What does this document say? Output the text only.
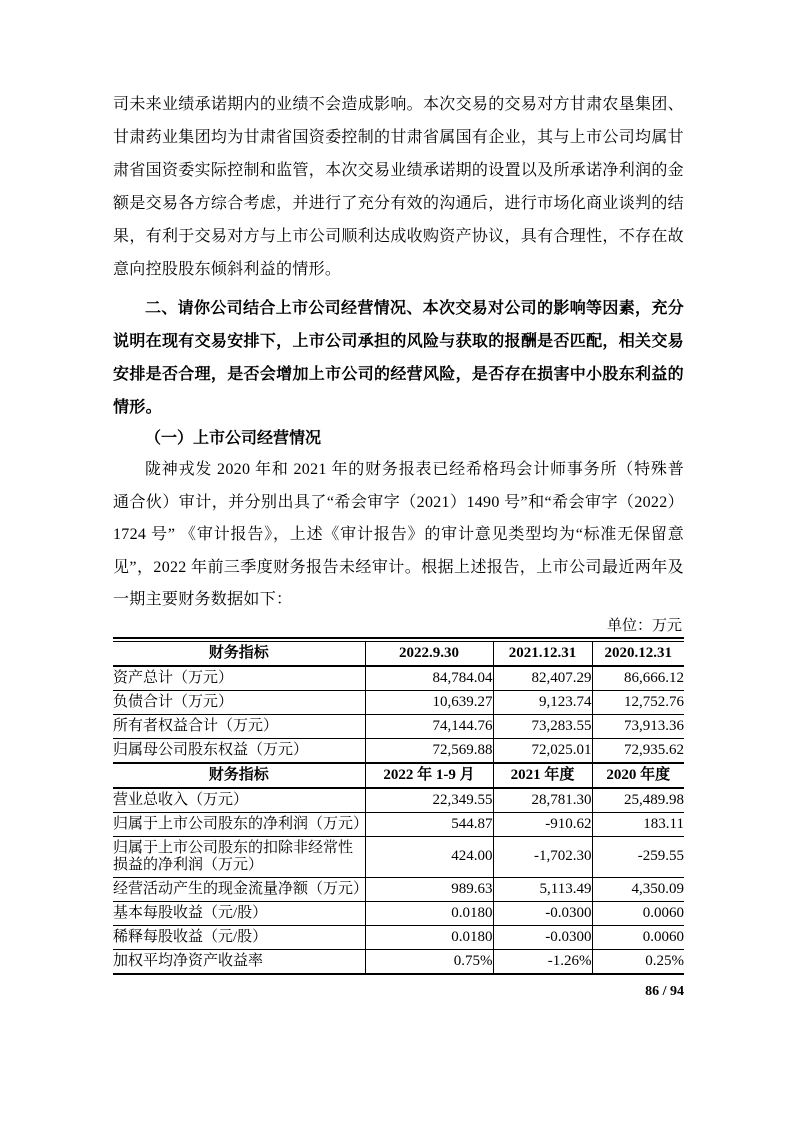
司未来业绩承诺期内的业绩不会造成影响。本次交易的交易对方甘肃农垦集团、甘肃药业集团均为甘肃省国资委控制的甘肃省属国有企业，其与上市公司均属甘肃省国资委实际控制和监管，本次交易业绩承诺期的设置以及所承诺净利润的金额是交易各方综合考虑，并进行了充分有效的沟通后，进行市场化商业谈判的结果，有利于交易对方与上市公司顺利达成收购资产协议，具有合理性，不存在故意向控股股东倾斜利益的情形。

二、请你公司结合上市公司经营情况、本次交易对公司的影响等因素，充分说明在现有交易安排下，上市公司承担的风险与获取的报酬是否匹配，相关交易安排是否合理，是否会增加上市公司的经营风险，是否存在损害中小股东利益的情形。

（一）上市公司经营情况

陇神戎发 2020 年和 2021 年的财务报表已经希格玛会计师事务所（特殊普通合伙）审计，并分别出具了“希会审字（2021）1490 号”和“希会审字（2022）1724 号” 《审计报告》，上述《审计报告》的审计意见类型均为“标准无保留意见”，2022 年前三季度财务报告未经审计。根据上述报告，上市公司最近两年及一期主要财务数据如下：

单位：万元
财务指标	2022.9.30	2021.12.31	2020.12.31
资产总计（万元）	84,784.04	82,407.29	86,666.12
负债合计（万元）	10,639.27	9,123.74	12,752.76
所有者权益合计（万元）	74,144.76	73,283.55	73,913.36
归属母公司股东权益（万元）	72,569.88	72,025.01	72,935.62
财务指标	2022 年 1-9 月	2021 年度	2020 年度
营业总收入（万元）	22,349.55	28,781.30	25,489.98
归属于上市公司股东的净利润（万元）	544.87	-910.62	183.11
归属于上市公司股东的扣除非经常性损益的净利润（万元）	424.00	-1,702.30	-259.55
经营活动产生的现金流量净额（万元）	989.63	5,113.49	4,350.09
基本每股收益（元/股）	0.0180	-0.0300	0.0060
稀释每股收益（元/股）	0.0180	-0.0300	0.0060
加权平均净资产收益率	0.75%	-1.26%	0.25%
86 / 94
